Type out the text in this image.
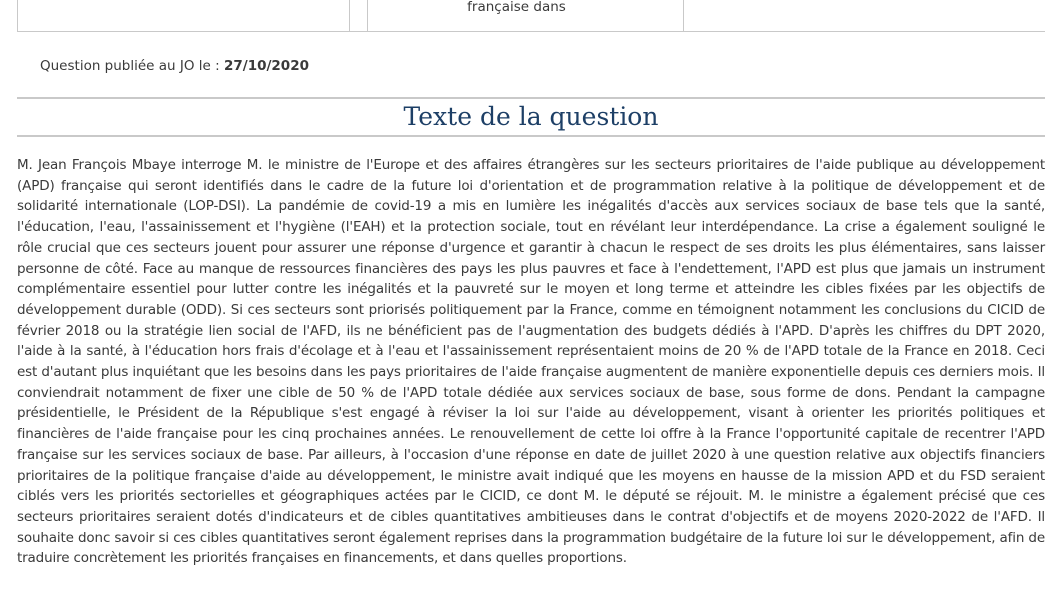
française dans
Question publiée au JO le : 27/10/2020
Texte de la question

M. Jean François Mbaye interroge M. le ministre de l'Europe et des affaires étrangères sur les secteurs prioritaires de l'aide publique au développement (APD) française qui seront identifiés dans le cadre de la future loi d'orientation et de programmation relative à la politique de développement et de solidarité internationale (LOP-DSI). La pandémie de covid-19 a mis en lumière les inégalités d'accès aux services sociaux de base tels que la santé, l'éducation, l'eau, l'assainissement et l'hygiène (l'EAH) et la protection sociale, tout en révélant leur interdépendance. La crise a également souligné le rôle crucial que ces secteurs jouent pour assurer une réponse d'urgence et garantir à chacun le respect de ses droits les plus élémentaires, sans laisser personne de côté. Face au manque de ressources financières des pays les plus pauvres et face à l'endettement, l'APD est plus que jamais un instrument complémentaire essentiel pour lutter contre les inégalités et la pauvreté sur le moyen et long terme et atteindre les cibles fixées par les objectifs de développement durable (ODD). Si ces secteurs sont priorisés politiquement par la France, comme en témoignent notamment les conclusions du CICID de février 2018 ou la stratégie lien social de l'AFD, ils ne bénéficient pas de l'augmentation des budgets dédiés à l'APD. D'après les chiffres du DPT 2020, l'aide à la santé, à l'éducation hors frais d'écolage et à l'eau et l'assainissement représentaient moins de 20 % de l'APD totale de la France en 2018. Ceci est d'autant plus inquiétant que les besoins dans les pays prioritaires de l'aide française augmentent de manière exponentielle depuis ces derniers mois. Il conviendrait notamment de fixer une cible de 50 % de l'APD totale dédiée aux services sociaux de base, sous forme de dons. Pendant la campagne présidentielle, le Président de la République s'est engagé à réviser la loi sur l'aide au développement, visant à orienter les priorités politiques et financières de l'aide française pour les cinq prochaines années. Le renouvellement de cette loi offre à la France l'opportunité capitale de recentrer l'APD française sur les services sociaux de base. Par ailleurs, à l'occasion d'une réponse en date de juillet 2020 à une question relative aux objectifs financiers prioritaires de la politique française d'aide au développement, le ministre avait indiqué que les moyens en hausse de la mission APD et du FSD seraient ciblés vers les priorités sectorielles et géographiques actées par le CICID, ce dont M. le député se réjouit. M. le ministre a également précisé que ces secteurs prioritaires seraient dotés d'indicateurs et de cibles quantitatives ambitieuses dans le contrat d'objectifs et de moyens 2020-2022 de l'AFD. Il souhaite donc savoir si ces cibles quantitatives seront également reprises dans la programmation budgétaire de la future loi sur le développement, afin de traduire concrètement les priorités françaises en financements, et dans quelles proportions.
